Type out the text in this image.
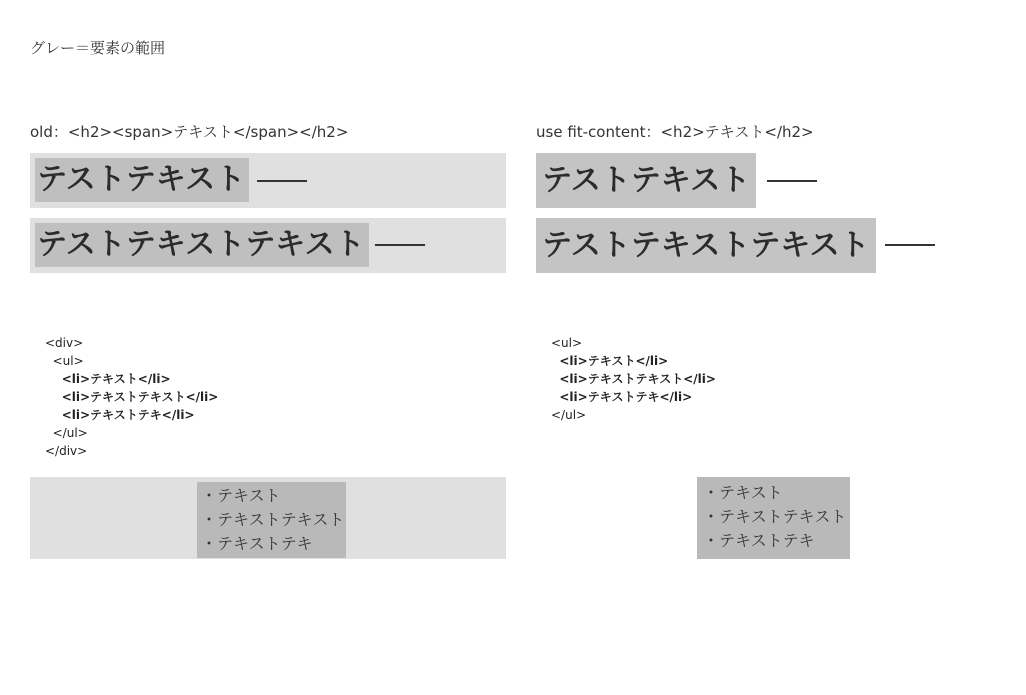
グレー＝要素の範囲
old：<h2><span>テキスト</span></h2>
テストテキスト
テストテキストテキスト
<div>
<ul>
<li>テキスト</li>
<li>テキストテキスト</li>
<li>テキストテキ</li>
</ul>
</div>
・テキスト
・テキストテキスト
・テキストテキ
use fit-content：<h2>テキスト</h2>
テストテキスト
テストテキストテキスト
<ul>
<li>テキスト</li>
<li>テキストテキスト</li>
<li>テキストテキ</li>
</ul>
・テキスト
・テキストテキスト
・テキストテキ
